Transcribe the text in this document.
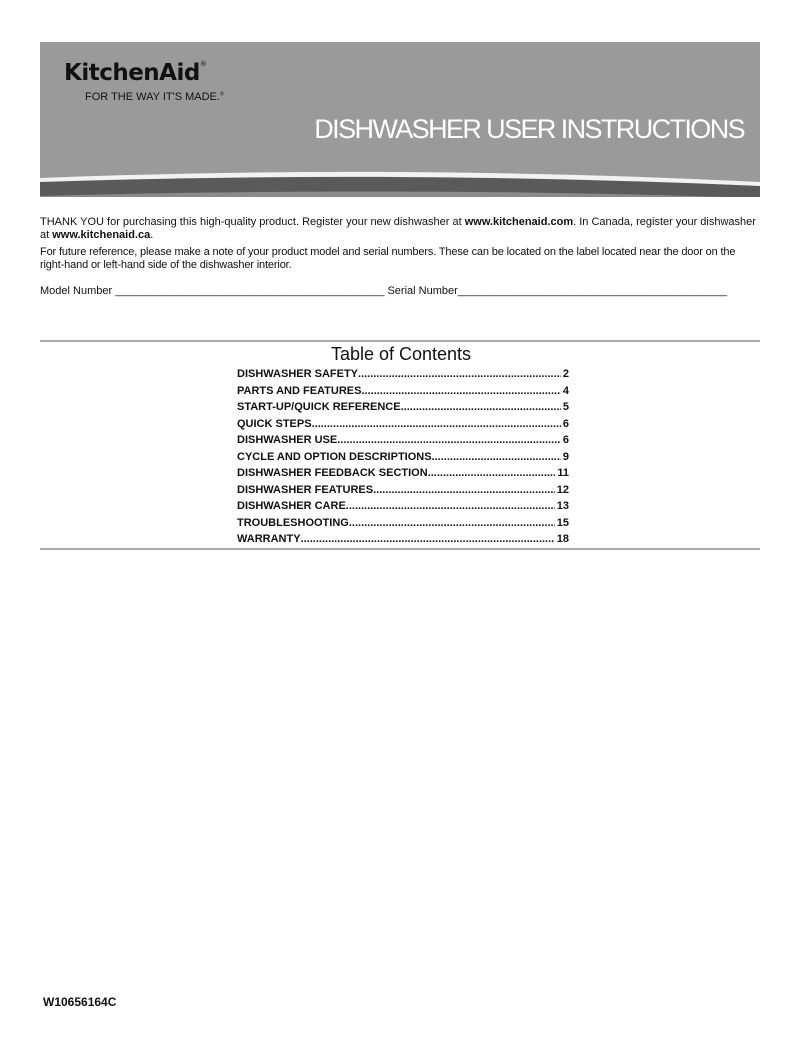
KitchenAid®
FOR THE WAY IT'S MADE.®
DISHWASHER USER INSTRUCTIONS

THANK YOU for purchasing this high-quality product. Register your new dishwasher at www.kitchenaid.com. In Canada, register your dishwasher at www.kitchenaid.ca.

For future reference, please make a note of your product model and serial numbers. These can be located on the label located near the door on the right-hand or left-hand side of the dishwasher interior.

Model Number ____________________________________________ Serial Number____________________________________________

Table of Contents
DISHWASHER SAFETY .....	2
PARTS AND FEATURES .....	4
START-UP/QUICK REFERENCE .....	5
QUICK STEPS .....	6
DISHWASHER USE .....	6
CYCLE AND OPTION DESCRIPTIONS .....	9
DISHWASHER FEEDBACK SECTION .....	11
DISHWASHER FEATURES .....	12
DISHWASHER CARE .....	13
TROUBLESHOOTING .....	15
WARRANTY .....	18
W10656164C
